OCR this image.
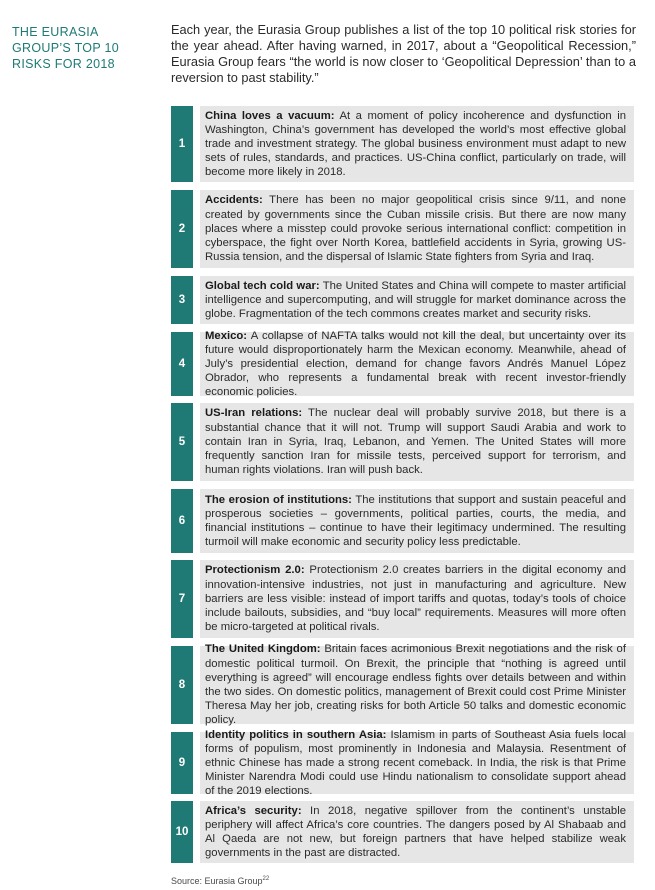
THE EURASIA
GROUP’S TOP 10
RISKS FOR 2018
Each year, the Eurasia Group publishes a list of the top 10 political risk stories for the year ahead. After having warned, in 2017, about a “Geopolitical Recession,” Eurasia Group fears “the world is now closer to ‘Geopolitical Depression’ than to a reversion to past stability.”
1

China loves a vacuum: At a moment of policy incoherence and dysfunction in Washington, China’s government has developed the world’s most effective global trade and investment strategy. The global business environment must adapt to new sets of rules, standards, and practices. US-China conflict, particularly on trade, will become more likely in 2018.

2

Accidents: There has been no major geopolitical crisis since 9/11, and none created by governments since the Cuban missile crisis. But there are now many places where a misstep could provoke serious international conflict: competition in cyberspace, the fight over North Korea, battlefield accidents in Syria, growing US-Russia tension, and the dispersal of Islamic State fighters from Syria and Iraq.

3

Global tech cold war: The United States and China will compete to master artificial intelligence and supercomputing, and will struggle for market dominance across the globe. Fragmentation of the tech commons creates market and security risks.

4

Mexico: A collapse of NAFTA talks would not kill the deal, but uncertainty over its future would disproportionately harm the Mexican economy. Meanwhile, ahead of July’s presidential election, demand for change favors Andrés Manuel López Obrador, who represents a fundamental break with recent investor-friendly economic policies.

5

US-Iran relations: The nuclear deal will probably survive 2018, but there is a substantial chance that it will not. Trump will support Saudi Arabia and work to contain Iran in Syria, Iraq, Lebanon, and Yemen. The United States will more frequently sanction Iran for missile tests, perceived support for terrorism, and human rights violations. Iran will push back.

6

The erosion of institutions: The institutions that support and sustain peaceful and prosperous societies – governments, political parties, courts, the media, and financial institutions – continue to have their legitimacy undermined. The resulting turmoil will make economic and security policy less predictable.

7

Protectionism 2.0: Protectionism 2.0 creates barriers in the digital economy and innovation-intensive industries, not just in manufacturing and agriculture. New barriers are less visible: instead of import tariffs and quotas, today’s tools of choice include bailouts, subsidies, and “buy local” requirements. Measures will more often be micro-targeted at political rivals.

8

The United Kingdom: Britain faces acrimonious Brexit negotiations and the risk of domestic political turmoil. On Brexit, the principle that “nothing is agreed until everything is agreed” will encourage endless fights over details between and within the two sides. On domestic politics, management of Brexit could cost Prime Minister Theresa May her job, creating risks for both Article 50 talks and domestic economic policy.

9

Identity politics in southern Asia: Islamism in parts of Southeast Asia fuels local forms of populism, most prominently in Indonesia and Malaysia. Resentment of ethnic Chinese has made a strong recent comeback. In India, the risk is that Prime Minister Narendra Modi could use Hindu nationalism to consolidate support ahead of the 2019 elections.

10

Africa’s security: In 2018, negative spillover from the continent’s unstable periphery will affect Africa’s core countries. The dangers posed by Al Shabaab and Al Qaeda are not new, but foreign partners that have helped stabilize weak governments in the past are distracted.

Source: Eurasia Group$^{22}$
